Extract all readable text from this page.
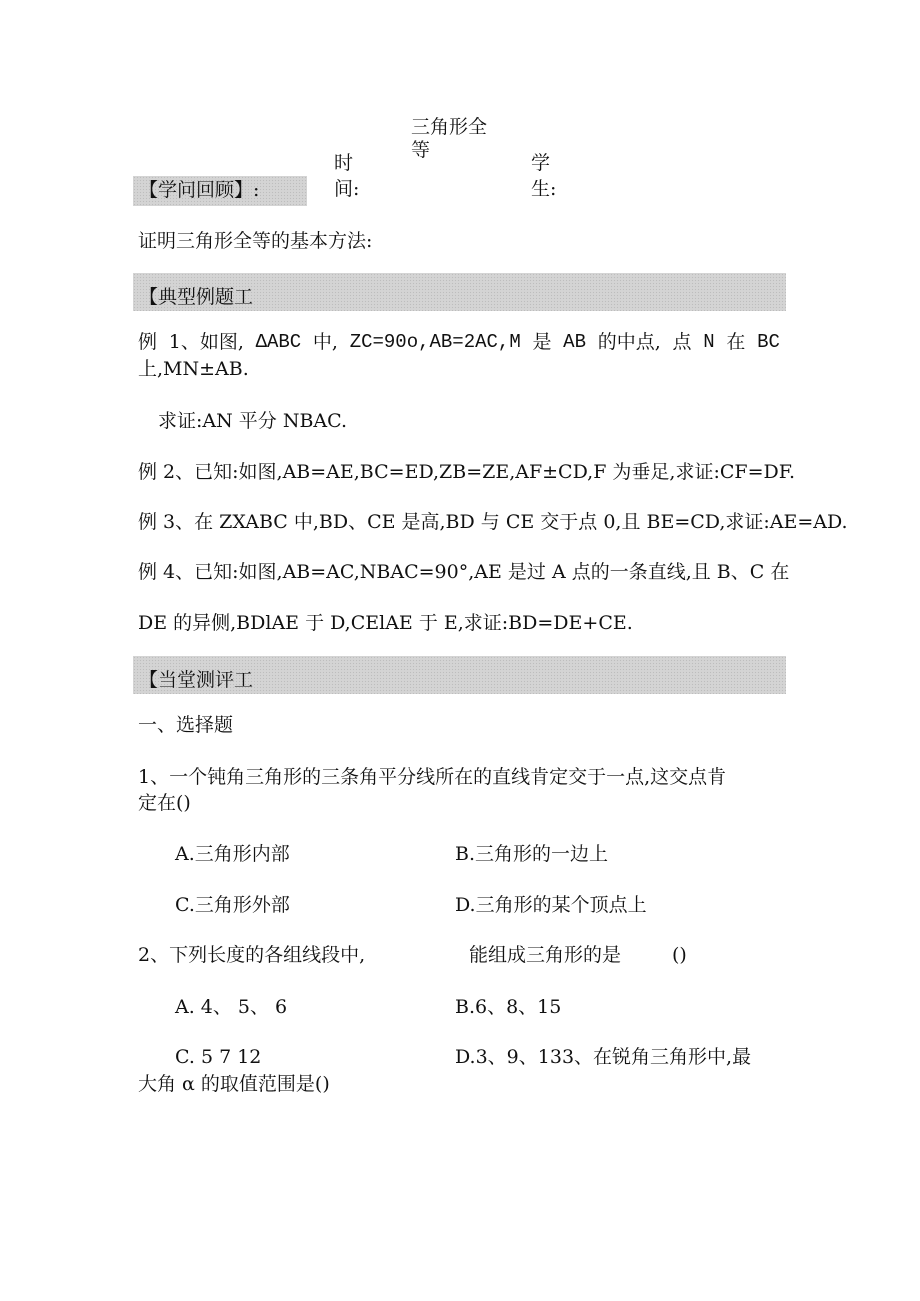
三角形全
等
【学问回顾】:
时
间:
学
生:
证明三角形全等的基本方法:
【典型例题工
例 1、如图, ΔABC 中, ZC=90o,AB=2AC,M 是 AB 的中点, 点 N 在 BC
上,MN±AB.
求证:AN 平分 NBAC.
例 2、已知:如图,AB=AE,BC=ED,ZB=ZE,AF±CD,F 为垂足,求证:CF=DF.
例 3、在 ZXABC 中,BD、CE 是高,BD 与 CE 交于点 0,且 BE=CD,求证:AE=AD.
例 4、已知:如图,AB=AC,NBAC=90°,AE 是过 A 点的一条直线,且 B、C 在
DE 的异侧,BDlAE 于 D,CElAE 于 E,求证:BD=DE+CE.
【当堂测评工
一、选择题
1、一个钝角三角形的三条角平分线所在的直线肯定交于一点,这交点肯
定在()
A.三角形内部	B.三角形的一边上
C.三角形外部	D.三角形的某个顶点上
2、下列长度的各组线段中,	能组成三角形的是	()
A. 4、 5、 6	B.6、8、15
C. 5 7 12	D.3、9、133、在锐角三角形中,最
大角 α 的取值范围是()
